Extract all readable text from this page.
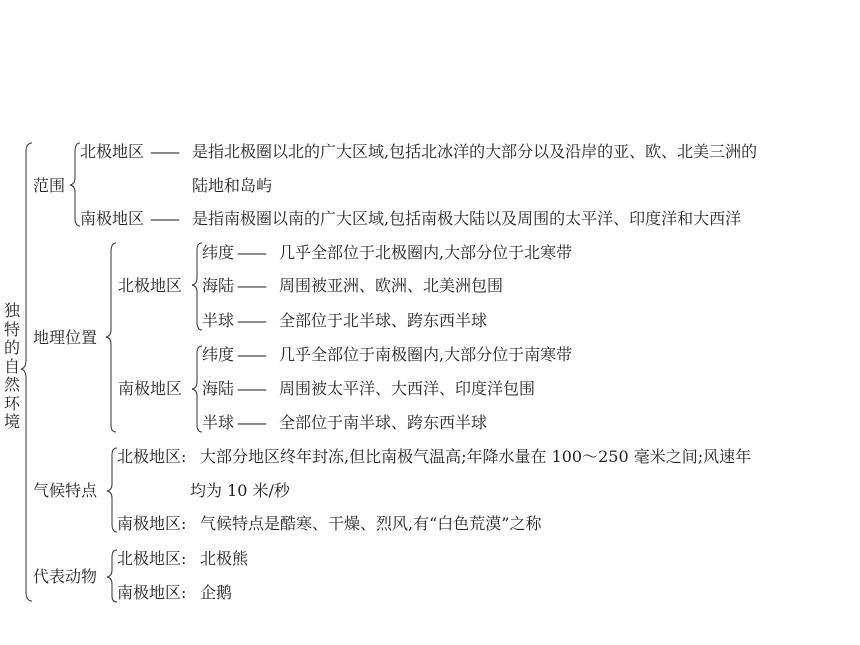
独特的自然环境
范围
北极地区 —— 是指北极圈以北的广大区域,包括北冰洋的大部分以及沿岸的亚、欧、北美三洲的
陆地和岛屿
南极地区 —— 是指南极圈以南的广大区域,包括南极大陆以及周围的太平洋、印度洋和大西洋
地理位置
北极地区
纬度 —— 几乎全部位于北极圈内,大部分位于北寒带
海陆 —— 周围被亚洲、欧洲、北美洲包围
半球 —— 全部位于北半球、跨东西半球
南极地区
纬度 —— 几乎全部位于南极圈内,大部分位于南寒带
海陆 —— 周围被太平洋、大西洋、印度洋包围
半球 —— 全部位于南半球、跨东西半球
气候特点
北极地区: 大部分地区终年封冻,但比南极气温高;年降水量在 100～250 毫米之间;风速年
均为 10 米/秒
南极地区: 气候特点是酷寒、干燥、烈风,有“白色荒漠”之称
代表动物
北极地区: 北极熊
南极地区: 企鹅
